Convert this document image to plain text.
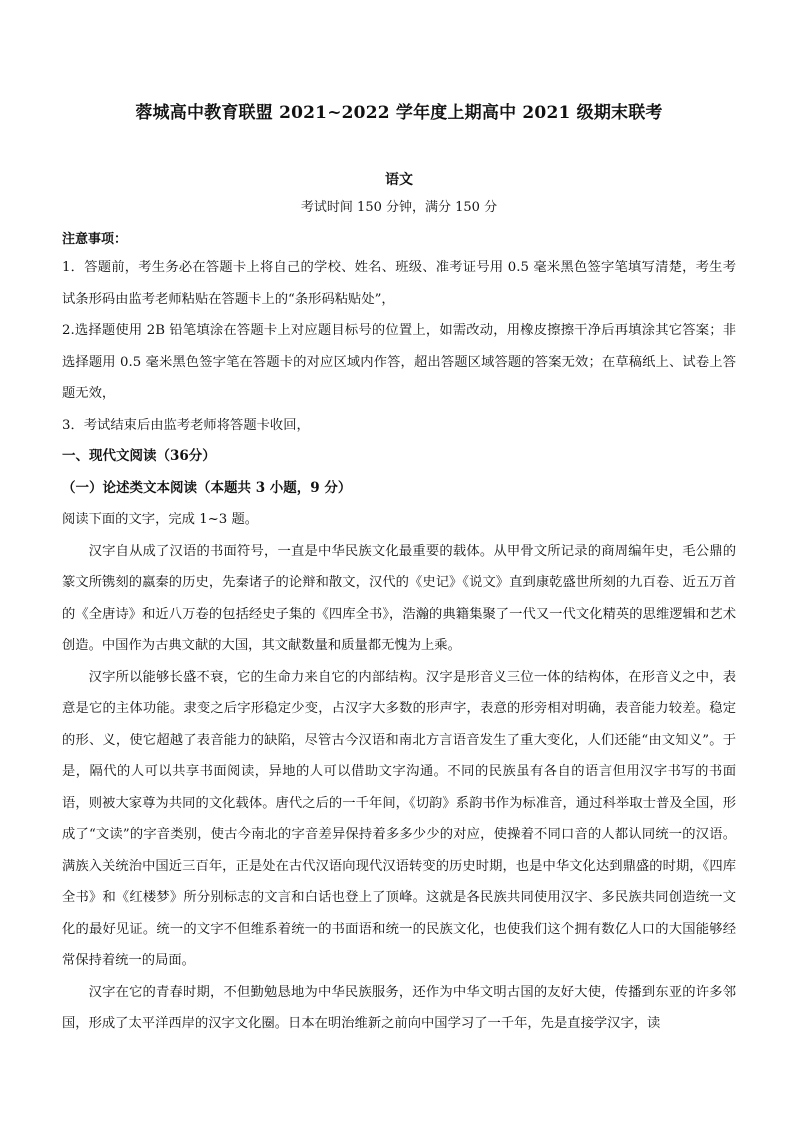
蓉城高中教育联盟 2021~2022 学年度上期高中 2021 级期末联考
语文
考试时间 150 分钟，满分 150 分
注意事项：

1．答题前，考生务必在答题卡上将自己的学校、姓名、班级、准考证号用 0.5 毫米黑色签字笔填写清楚，考生考试条形码由监考老师粘贴在答题卡上的“条形码粘贴处”，

2.选择题使用 2B 铅笔填涂在答题卡上对应题目标号的位置上，如需改动，用橡皮擦擦干净后再填涂其它答案；非选择题用 0.5 毫米黑色签字笔在答题卡的对应区域内作答，超出答题区域答题的答案无效；在草稿纸上、试卷上答题无效，

3．考试结束后由监考老师将答题卡收回，

一、现代文阅读（36分）
（一）论述类文本阅读（本题共 3 小题，9 分）

阅读下面的文字，完成 1~3 题。

汉字自从成了汉语的书面符号，一直是中华民族文化最重要的载体。从甲骨文所记录的商周编年史，毛公鼎的篆文所镌刻的嬴秦的历史，先秦诸子的论辩和散文，汉代的《史记》《说文》直到康乾盛世所刻的九百卷、近五万首的《全唐诗》和近八万卷的包括经史子集的《四库全书》，浩瀚的典籍集聚了一代又一代文化精英的思维逻辑和艺术创造。中国作为古典文献的大国，其文献数量和质量都无愧为上乘。

汉字所以能够长盛不衰，它的生命力来自它的内部结构。汉字是形音义三位一体的结构体，在形音义之中，表意是它的主体功能。隶变之后字形稳定少变，占汉字大多数的形声字，表意的形旁相对明确，表音能力较差。稳定的形、义，使它超越了表音能力的缺陷，尽管古今汉语和南北方言语音发生了重大变化，人们还能“由文知义”。于是，隔代的人可以共享书面阅读，异地的人可以借助文字沟通。不同的民族虽有各自的语言但用汉字书写的书面语，则被大家尊为共同的文化载体。唐代之后的一千年间，《切韵》系韵书作为标准音，通过科举取士普及全国，形成了“文读”的字音类别，使古今南北的字音差异保持着多多少少的对应，使操着不同口音的人都认同统一的汉语。满族入关统治中国近三百年，正是处在古代汉语向现代汉语转变的历史时期，也是中华文化达到鼎盛的时期，《四库全书》和《红楼梦》所分别标志的文言和白话也登上了顶峰。这就是各民族共同使用汉字、多民族共同创造统一文化的最好见证。统一的文字不但维系着统一的书面语和统一的民族文化，也使我们这个拥有数亿人口的大国能够经常保持着统一的局面。

汉字在它的青春时期，不但勤勉恳地为中华民族服务，还作为中华文明古国的友好大使，传播到东亚的许多邻国，形成了太平洋西岸的汉字文化圈。日本在明治维新之前向中国学习了一千年，先是直接学汉字，读
